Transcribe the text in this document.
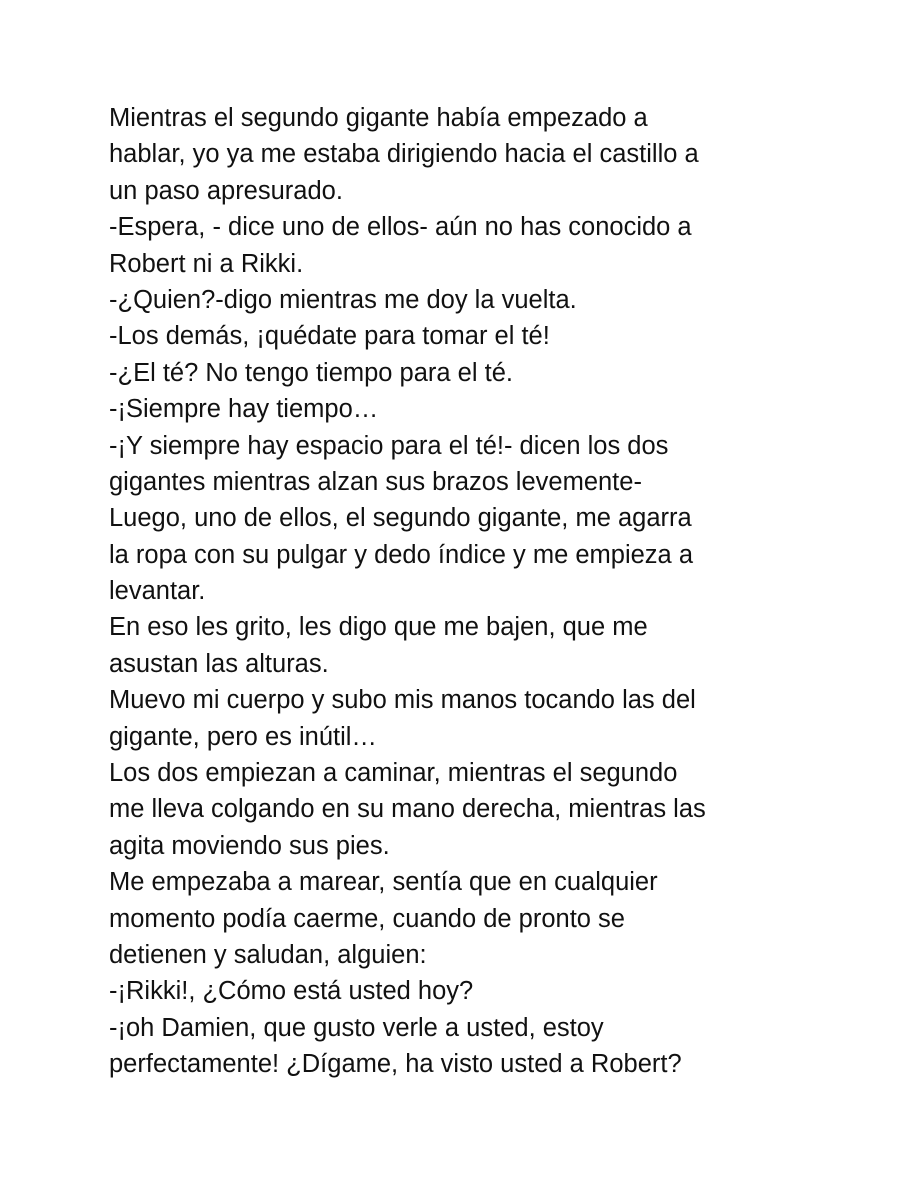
Mientras el segundo gigante había empezado a
hablar, yo ya me estaba dirigiendo hacia el castillo a
un paso apresurado.
-Espera, - dice uno de ellos- aún no has conocido a
Robert ni a Rikki.
-¿Quien?-digo mientras me doy la vuelta.
-Los demás, ¡quédate para tomar el té!
-¿El té? No tengo tiempo para el té.
-¡Siempre hay tiempo…
-¡Y siempre hay espacio para el té!- dicen los dos
gigantes mientras alzan sus brazos levemente-
Luego, uno de ellos, el segundo gigante, me agarra
la ropa con su pulgar y dedo índice y me empieza a
levantar.
En eso les grito, les digo que me bajen, que me
asustan las alturas.
Muevo mi cuerpo y subo mis manos tocando las del
gigante, pero es inútil…
Los dos empiezan a caminar, mientras el segundo
me lleva colgando en su mano derecha, mientras las
agita moviendo sus pies.
Me empezaba a marear, sentía que en cualquier
momento podía caerme, cuando de pronto se
detienen y saludan, alguien:
-¡Rikki!, ¿Cómo está usted hoy?
-¡oh Damien, que gusto verle a usted, estoy
perfectamente! ¿Dígame, ha visto usted a Robert?
